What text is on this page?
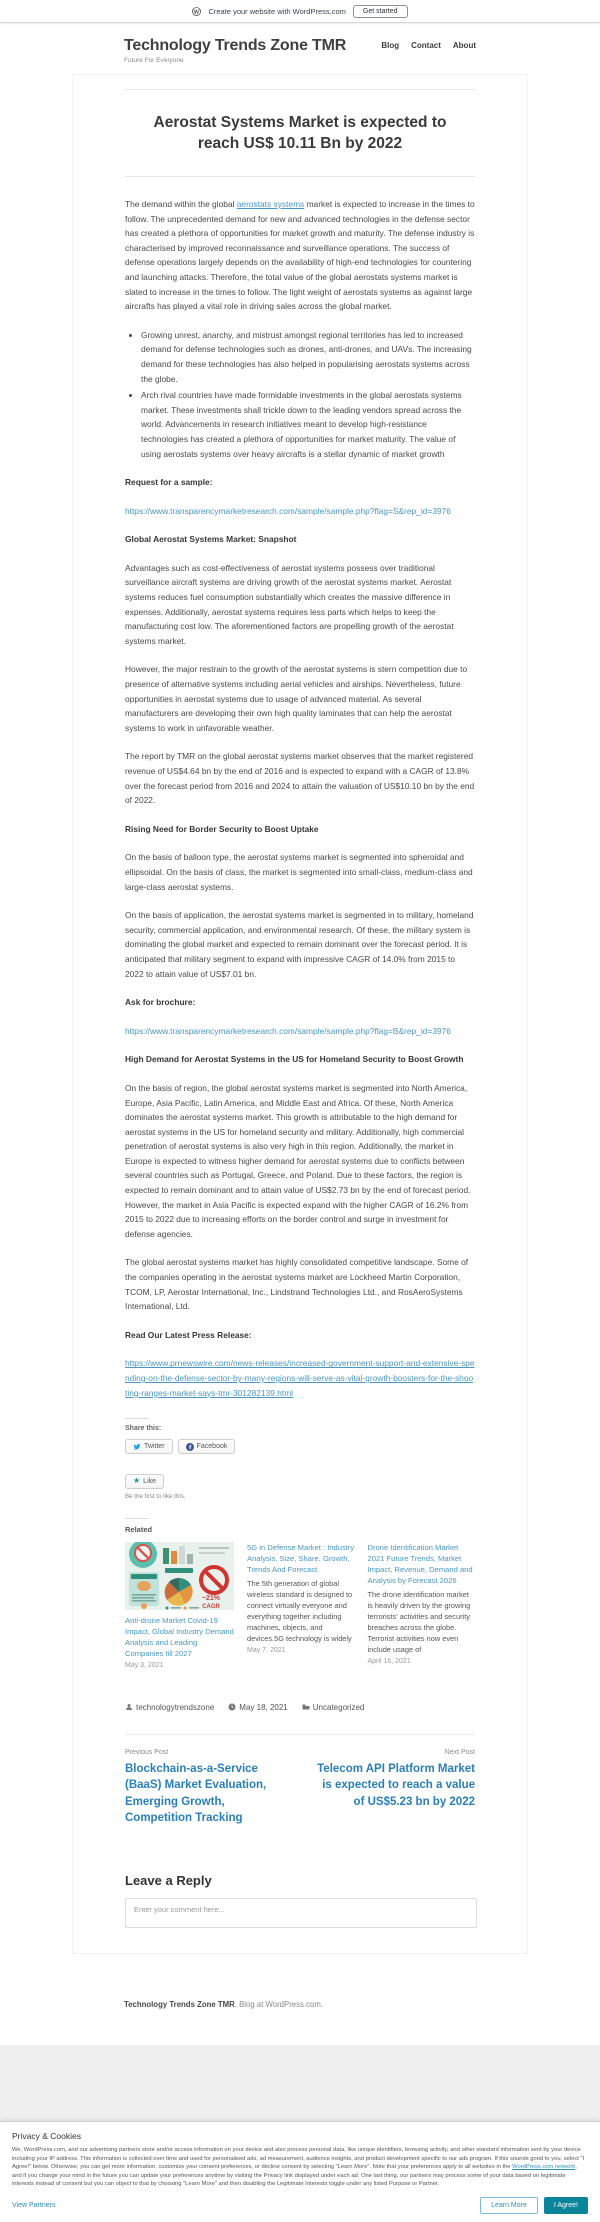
Create your website with WordPress.com	Get started
Technology Trends Zone TMR
Future For Everyone
Blog Contact About
Aerostat Systems Market is expected to reach US$ 10.11 Bn by 2022

The demand within the global aerostats systems market is expected to increase in the times to follow. The unprecedented demand for new and advanced technologies in the defense sector has created a plethora of opportunities for market growth and maturity. The defense industry is characterised by improved reconnaissance and surveillance operations. The success of defense operations largely depends on the availability of high-end technologies for countering and launching attacks. Therefore, the total value of the global aerostats systems market is slated to increase in the times to follow. The light weight of aerostats systems as against large aircrafts has played a vital role in driving sales across the global market.

• Growing unrest, anarchy, and mistrust amongst regional territories has led to increased demand for defense technologies such as drones, anti-drones, and UAVs. The increasing demand for these technologies has also helped in popularising aerostats systems across the globe.
• Arch rival countries have made formidable investments in the global aerostats systems market. These investments shall trickle down to the leading vendors spread across the world. Advancements in research initiatives meant to develop high-resistance technologies has created a plethora of opportunities for market maturity. The value of using aerostats systems over heavy aircrafts is a stellar dynamic of market growth
Request for a sample:
https://www.transparencymarketresearch.com/sample/sample.php?flag=S&rep_id=3976
Global Aerostat Systems Market: Snapshot

Advantages such as cost-effectiveness of aerostat systems possess over traditional surveillance aircraft systems are driving growth of the aerostat systems market. Aerostat systems reduces fuel consumption substantially which creates the massive difference in expenses. Additionally, aerostat systems requires less parts which helps to keep the manufacturing cost low. The aforementioned factors are propelling growth of the aerostat systems market.

However, the major restrain to the growth of the aerostat systems is stern competition due to presence of alternative systems including aerial vehicles and airships. Nevertheless, future opportunities in aerostat systems due to usage of advanced material. As several manufacturers are developing their own high quality laminates that can help the aerostat systems to work in unfavorable weather.

The report by TMR on the global aerostat systems market observes that the market registered revenue of US$4.64 bn by the end of 2016 and is expected to expand with a CAGR of 13.8% over the forecast period from 2016 and 2024 to attain the valuation of US$10.10 bn by the end of 2022.

Rising Need for Border Security to Boost Uptake

On the basis of balloon type, the aerostat systems market is segmented into spheroidal and ellipsoidal. On the basis of class, the market is segmented into small-class, medium-class and large-class aerostat systems.

On the basis of application, the aerostat systems market is segmented in to military, homeland security, commercial application, and environmental research. Of these, the military system is dominating the global market and expected to remain dominant over the forecast period. It is anticipated that military segment to expand with impressive CAGR of 14.0% from 2015 to 2022 to attain value of US$7.01 bn.

Ask for brochure:
https://www.transparencymarketresearch.com/sample/sample.php?flag=B&rep_id=3976
High Demand for Aerostat Systems in the US for Homeland Security to Boost Growth

On the basis of region, the global aerostat systems market is segmented into North America, Europe, Asia Pacific, Latin America, and Middle East and Africa. Of these, North America dominates the aerostat systems market. This growth is attributable to the high demand for aerostat systems in the US for homeland security and military. Additionally, high commercial penetration of aerostat systems is also very high in this region. Additionally, the market in Europe is expected to witness higher demand for aerostat systems due to conflicts between several countries such as Portugal, Greece, and Poland. Due to these factors, the region is expected to remain dominant and to attain value of US$2.73 bn by the end of forecast period. However, the market in Asia Pacific is expected expand with the higher CAGR of 16.2% from 2015 to 2022 due to increasing efforts on the border control and surge in investment for defense agencies.

The global aerostat systems market has highly consolidated competitive landscape. Some of the companies operating in the aerostat systems market are Lockheed Martin Corporation, TCOM, LP, Aerostar International, Inc., Lindstrand Technologies Ltd., and RosAeroSystems International, Ltd.

Read Our Latest Press Release:
https://www.prnewswire.com/news-releases/increased-government-support-and-extensive-spending-on-the-defense-sector-by-many-regions-will-serve-as-vital-growth-boosters-for-the-shooting-ranges-market-says-tmr-301282139.html
Share this:
Twitter	Facebook
★ Like
Be the first to like this.
Related
~21%
CAGR
Anti-drone Market Covid-19 Impact, Global Industry Demand Analysis and Leading Companies till 2027
May 3, 2021
5G in Defense Market : Industry Analysis, Size, Share, Growth, Trends And Forecast
The 5th generation of global wireless standard is designed to connect virtually everyone and everything together including machines, objects, and devices.5G technology is widely
May 7, 2021
Drone Identification Market 2021 Future Trends, Market Impact, Revenue, Demand and Analysis by Forecast 2026
The drone identification market is heavily driven by the growing terrorists' activities and security breaches across the globe. Terrorist activities now even include usage of
April 16, 2021
technologytrendszone	May 18, 2021	Uncategorized
Previous Post
Blockchain-as-a-Service (BaaS) Market Evaluation, Emerging Growth, Competition Tracking
Next Post
Telecom API Platform Market is expected to reach a value of US$5.23 bn by 2022
Leave a Reply
Enter your comment here...
Technology Trends Zone TMR, Blog at WordPress.com.
Privacy & Cookies
We, WordPress.com, and our advertising partners store and/or access information on your device and also process personal data, like unique identifiers, browsing activity, and other standard information sent by your device including your IP address. This information is collected over time and used for personalised ads, ad measurement, audience insights, and product development specific to our ads program. If this sounds good to you, select "I Agree!" below. Otherwise, you can get more information, customize your consent preferences, or decline consent by selecting "Learn More". Note that your preferences apply to all websites in the WordPress.com network, and if you change your mind in the future you can update your preferences anytime by visiting the Privacy link displayed under each ad. One last thing, our partners may process some of your data based on legitimate interests instead of consent but you can object to that by choosing "Learn More" and then disabling the Legitimate Interests toggle under any listed Purpose or Partner.
View Partners	Learn More	I Agree!
